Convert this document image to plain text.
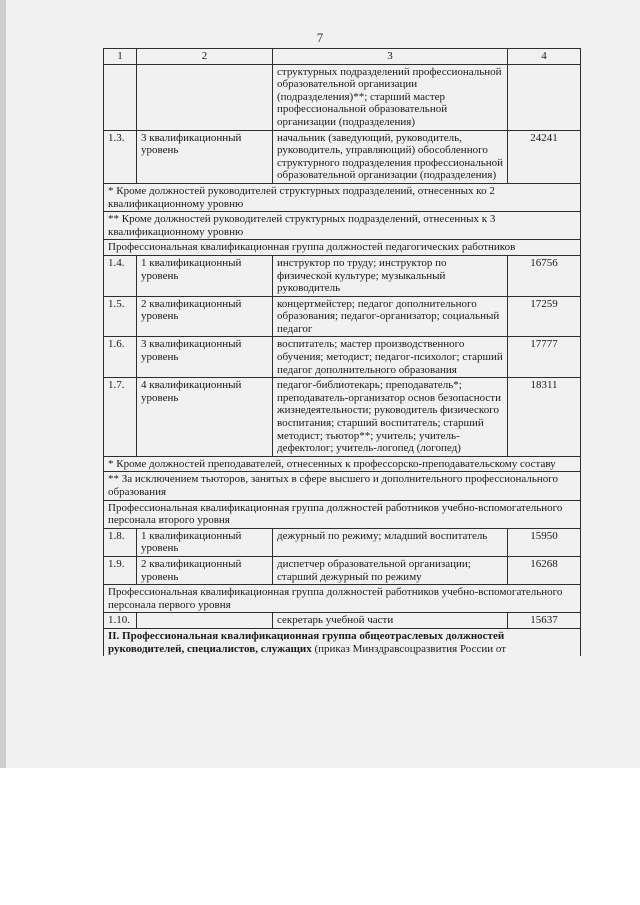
7
1	2	3	4
		структурных подразделений профессиональной образовательной организации (подразделения)**; старший мастер профессиональной образовательной организации (подразделения)	
1.3.	3 квалификационный уровень	начальник (заведующий, руководитель, руководитель, управляющий) обособленного структурного подразделения профессиональной образовательной организации (подразделения)	24241
* Кроме должностей руководителей структурных подразделений, отнесенных ко 2 квалификационному уровню			
** Кроме должностей руководителей структурных подразделений, отнесенных к 3 квалификационному уровню			
Профессиональная квалификационная группа должностей педагогических работников			
1.4.	1 квалификационный уровень	инструктор по труду; инструктор по физической культуре; музыкальный руководитель	16756
1.5.	2 квалификационный уровень	концертмейстер; педагог дополнительного образования; педагог-организатор; социальный педагог	17259
1.6.	3 квалификационный уровень	воспитатель; мастер производственного обучения; методист; педагог-психолог; старший педагог дополнительного образования	17777
1.7.	4 квалификационный уровень	педагог-библиотекарь; преподаватель*; преподаватель-организатор основ безопасности жизнедеятельности; руководитель физического воспитания; старший воспитатель; старший методист; тьютор**; учитель; учитель-дефектолог; учитель-логопед (логопед)	18311
* Кроме должностей преподавателей, отнесенных к профессорско-преподавательскому составу			
** За исключением тьюторов, занятых в сфере высшего и дополнительного профессионального образования			
Профессиональная квалификационная группа должностей работников учебно-вспомогательного персонала второго уровня			
1.8.	1 квалификационный уровень	дежурный по режиму; младший воспитатель	15950
1.9.	2 квалификационный уровень	диспетчер образовательной организации; старший дежурный по режиму	16268
Профессиональная квалификационная группа должностей работников учебно-вспомогательного персонала первого уровня			
1.10.		секретарь учебной части	15637
II. Профессиональная квалификационная группа общеотраслевых должностей руководителей, специалистов, служащих (приказ Минздравсоцразвития России от			
